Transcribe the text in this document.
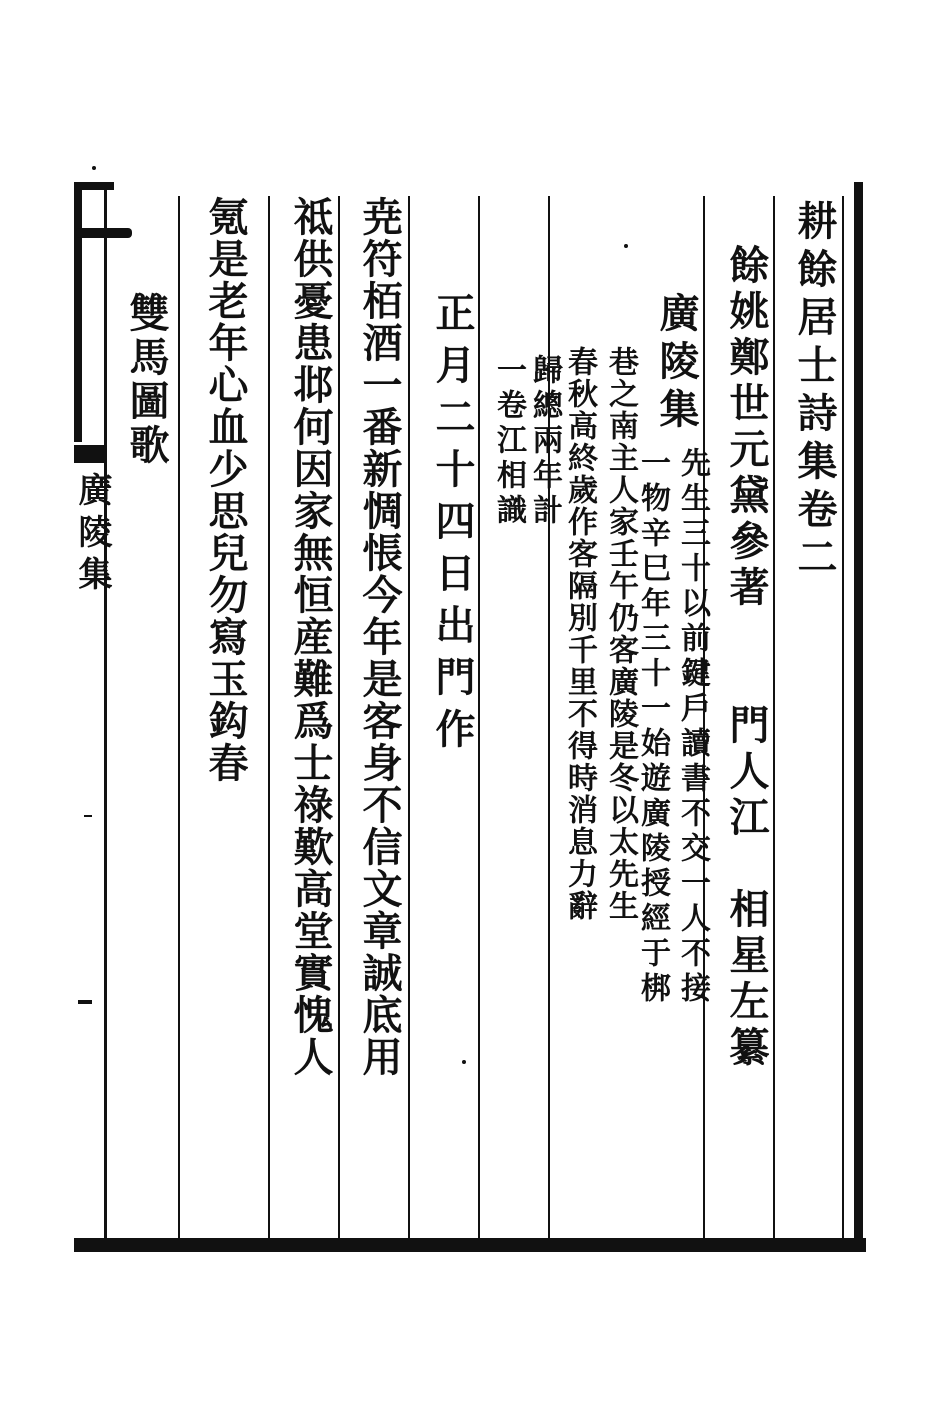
廣陵集	耕餘居士詩集卷二
餘姚鄭世元黛參著　　門人江　相星左纂
廣陵集
先生三十以前鍵戶讀書不交一人不接
一物辛巳年三十一始遊廣陵授經于梆
巷之南主人家壬午仍客廣陵是冬以太先生
春秋高終歲作客隔別千里不得時消息力辭
歸總兩年計
一卷江相識
正月二十四日出門作
尭符栢酒一番新惆悵今年是客身不信文章誠底用
祗供憂患邶何因家無恒産難爲士祿歎高堂實愧人
氪是老年心血少思兒勿寫玉鈎春
雙馬圖歌
